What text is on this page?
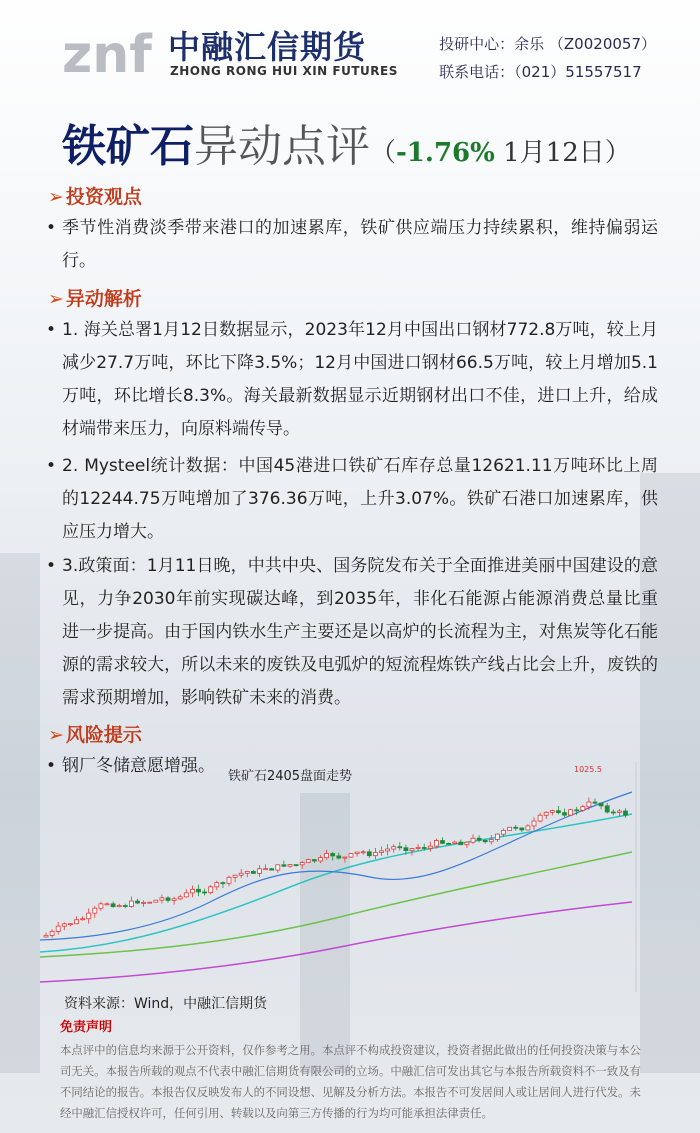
znf 中融汇信期货
ZHONG RONG HUI XIN FUTURES
投研中心：余乐 （Z0020057）
联系电话：（021）51557517
铁矿石异动点评（-1.76% 1月12日）
➢ 投资观点
• 季节性消费淡季带来港口的加速累库，铁矿供应端压力持续累积，维持偏弱运行。
➢ 异动解析
• 1. 海关总署1月12日数据显示，2023年12月中国出口钢材772.8万吨，较上月减少27.7万吨，环比下降3.5%；12月中国进口钢材66.5万吨，较上月增加5.1万吨，环比增长8.3%。海关最新数据显示近期钢材出口不佳，进口上升，给成材端带来压力，向原料端传导。
• 2. Mysteel统计数据：中国45港进口铁矿石库存总量12621.11万吨环比上周的12244.75万吨增加了376.36万吨，上升3.07%。铁矿石港口加速累库，供应压力增大。
• 3.政策面：1月11日晚，中共中央、国务院发布关于全面推进美丽中国建设的意见，力争2030年前实现碳达峰，到2035年，非化石能源占能源消费总量比重进一步提高。由于国内铁水生产主要还是以高炉的长流程为主，对焦炭等化石能源的需求较大，所以未来的废铁及电弧炉的短流程炼铁产线占比会上升，废铁的需求预期增加，影响铁矿未来的消费。
➢ 风险提示
• 钢厂冬储意愿增强。
铁矿石2405盘面走势	1025.5
资料来源：Wind，中融汇信期货
免责声明
本点评中的信息均来源于公开资料，仅作参考之用。本点评不构成投资建议，投资者据此做出的任何投资决策与本公司无关。本报告所载的观点不代表中融汇信期货有限公司的立场。中融汇信可发出其它与本报告所载资料不一致及有不同结论的报告。本报告仅反映发布人的不同设想、见解及分析方法。本报告不可发居间人或让居间人进行代发。未经中融汇信授权许可，任何引用、转载以及向第三方传播的行为均可能承担法律责任。
